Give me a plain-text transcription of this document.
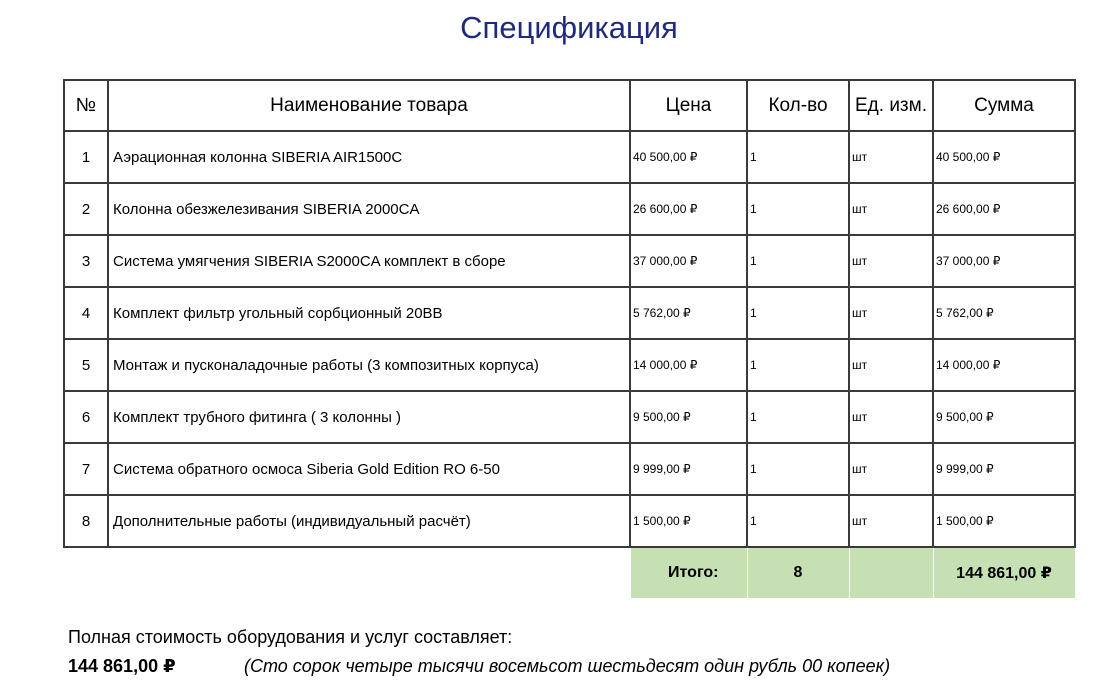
Спецификация
№	Наименование товара	Цена	Кол-во	Ед. изм.	Сумма
1	Аэрационная колонна SIBERIA AIR1500C	40 500,00 ₽	1	шт	40 500,00 ₽
2	Колонна обезжелезивания SIBERIA 2000CA	26 600,00 ₽	1	шт	26 600,00 ₽
3	Система умягчения SIBERIA S2000CA комплект в сборе	37 000,00 ₽	1	шт	37 000,00 ₽
4	Комплект фильтр угольный сорбционный 20BB	5 762,00 ₽	1	шт	5 762,00 ₽
5	Монтаж и пусконаладочные работы (3 композитных корпуса)	14 000,00 ₽	1	шт	14 000,00 ₽
6	Комплект трубного фитинга ( 3 колонны )	9 500,00 ₽	1	шт	9 500,00 ₽
7	Система обратного осмоса Siberia Gold Edition RO 6-50	9 999,00 ₽	1	шт	9 999,00 ₽
8	Дополнительные работы (индивидуальный расчёт)	1 500,00 ₽	1	шт	1 500,00 ₽
		Итого:	8		144 861,00 ₽
Полная стоимость оборудования и услуг составляет:
144 861,00 ₽	(Сто сорок четыре тысячи восемьсот шестьдесят один рубль 00 копеек)
